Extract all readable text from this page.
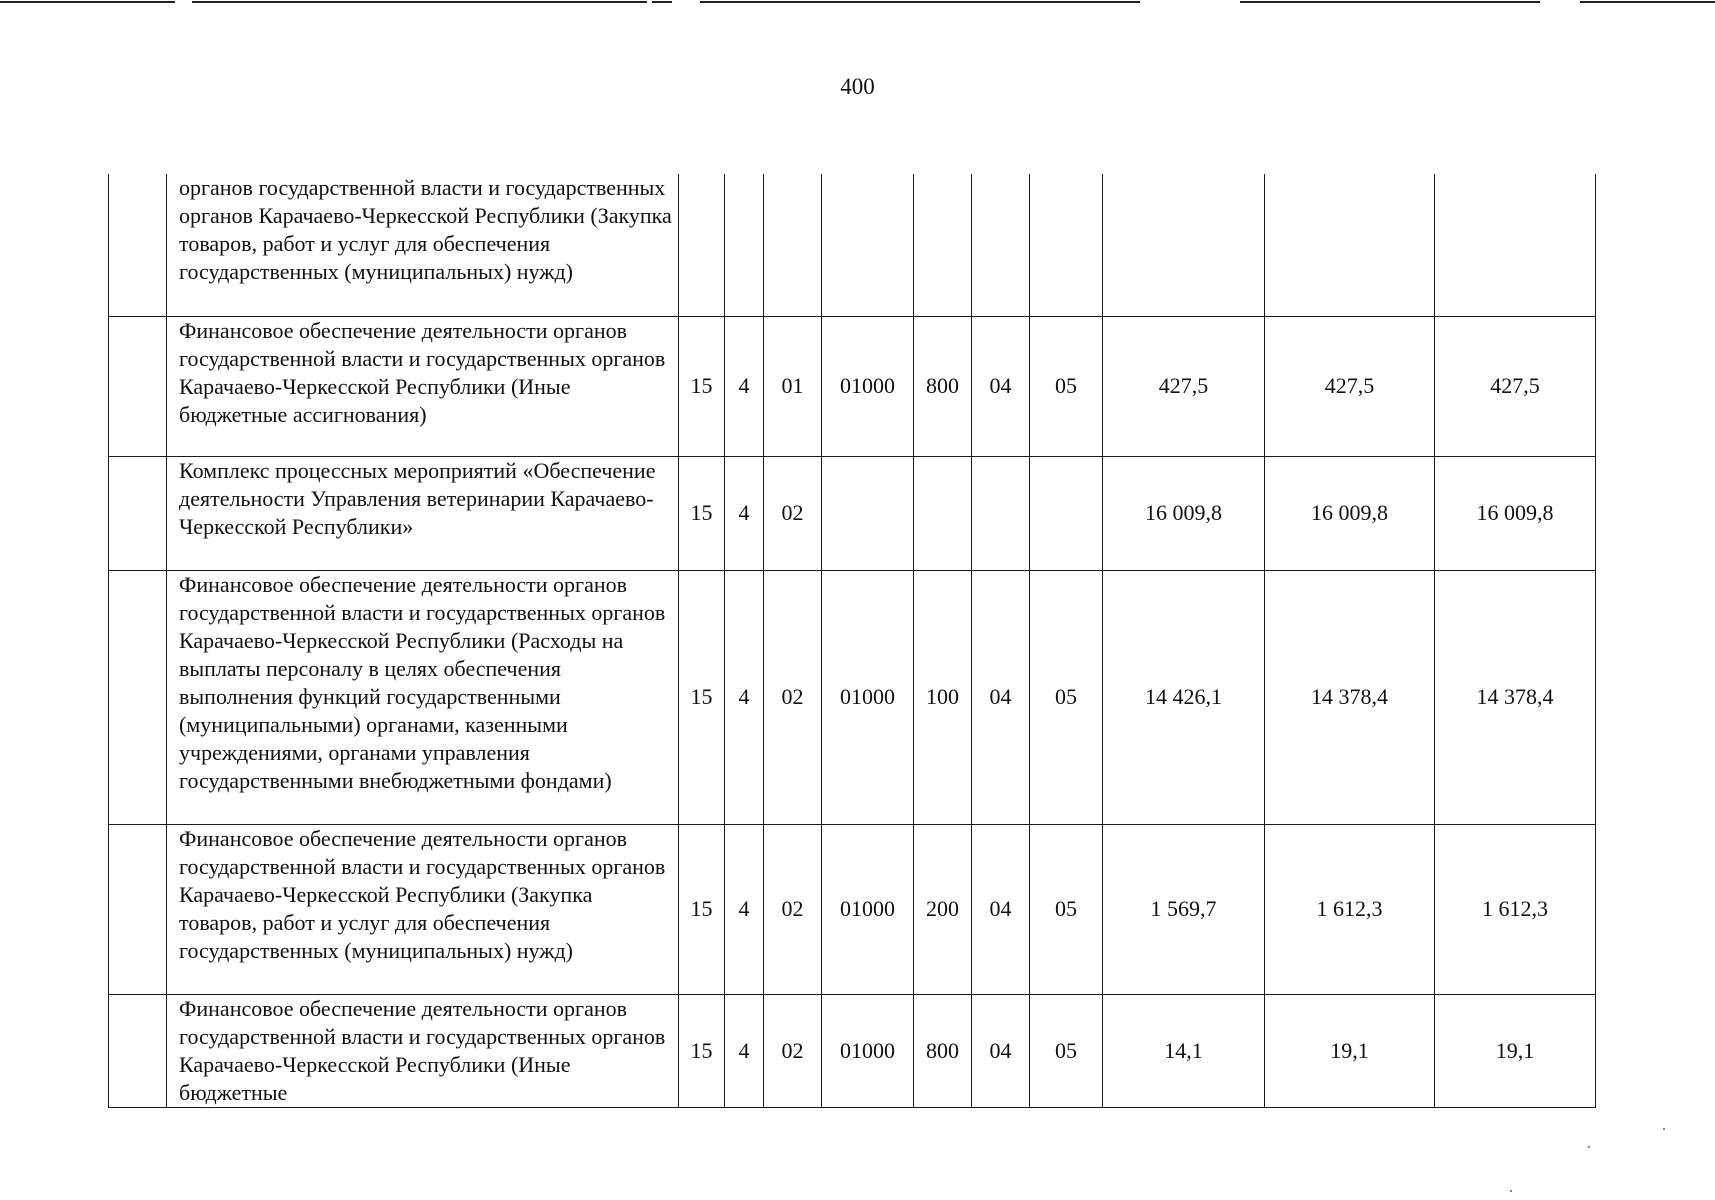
400
	органов государственной власти и государственных органов Карачаево-Черкесской Республики (Закупка товаров, работ и услуг для обеспечения государственных (муниципальных) нужд)										
	Финансовое обеспечение деятельности органов государственной власти и государственных органов Карачаево-Черкесской Республики (Иные бюджетные ассигнования)	15	4	01	01000	800	04	05	427,5	427,5	427,5
	Комплекс процессных мероприятий «Обеспечение деятельности Управления ветеринарии Карачаево-Черкесской Республики»	15	4	02					16 009,8	16 009,8	16 009,8
	Финансовое обеспечение деятельности органов государственной власти и государственных органов Карачаево-Черкесской Республики (Расходы на выплаты персоналу в целях обеспечения выполнения функций государственными (муниципальными) органами, казенными учреждениями, органами управления государственными внебюджетными фондами)	15	4	02	01000	100	04	05	14 426,1	14 378,4	14 378,4
	Финансовое обеспечение деятельности органов государственной власти и государственных органов Карачаево-Черкесской Республики (Закупка товаров, работ и услуг для обеспечения государственных (муниципальных) нужд)	15	4	02	01000	200	04	05	1 569,7	1 612,3	1 612,3
	Финансовое обеспечение деятельности органов государственной власти и государственных органов Карачаево-Черкесской Республики (Иные бюджетные	15	4	02	01000	800	04	05	14,1	19,1	19,1
